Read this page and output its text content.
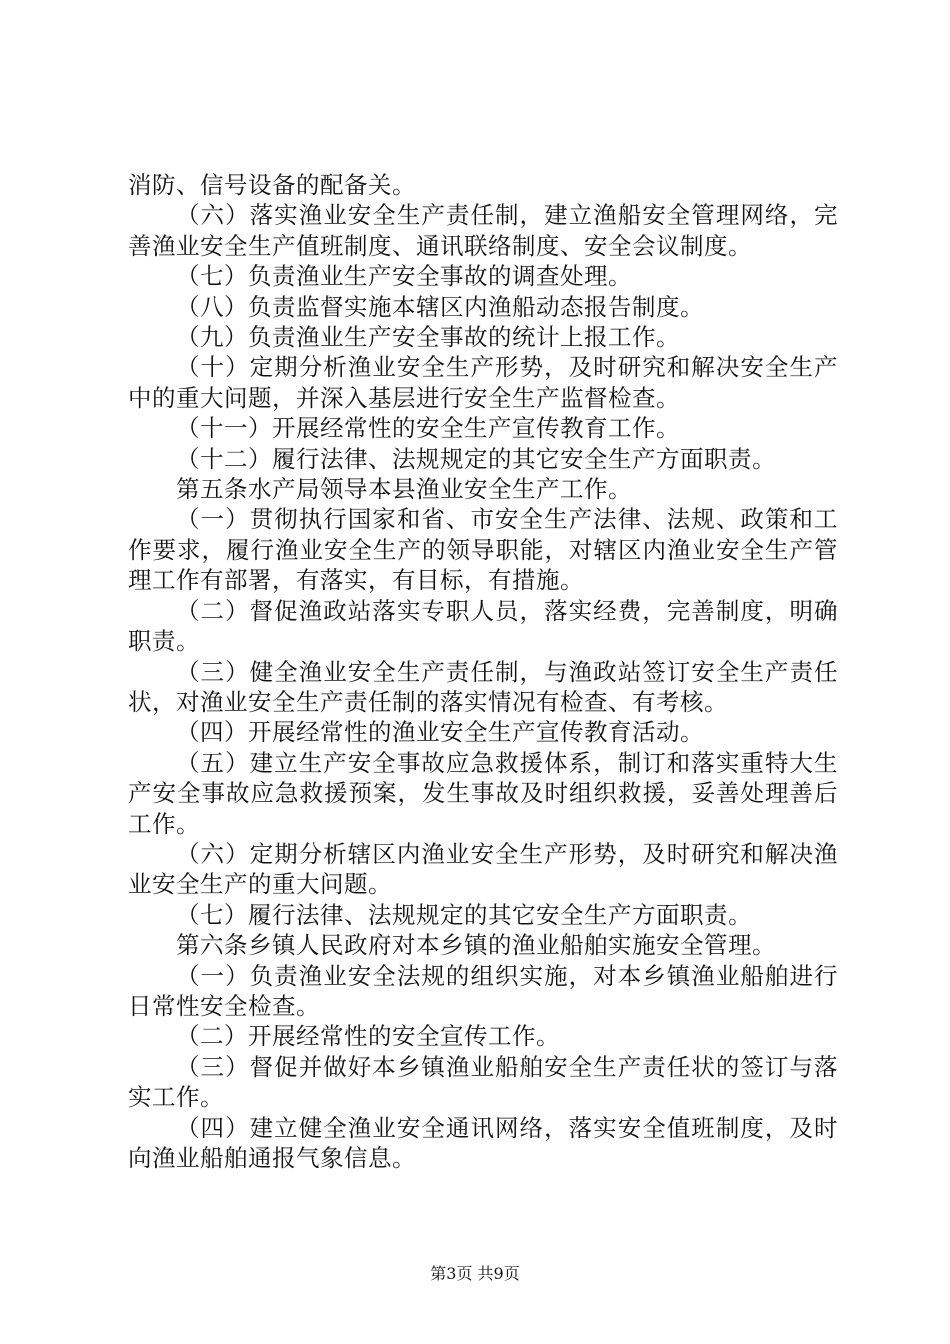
消防、信号设备的配备关。

（六）落实渔业安全生产责任制，建立渔船安全管理网络，完善渔业安全生产值班制度、通讯联络制度、安全会议制度。

（七）负责渔业生产安全事故的调查处理。

（八）负责监督实施本辖区内渔船动态报告制度。

（九）负责渔业生产安全事故的统计上报工作。

（十）定期分析渔业安全生产形势，及时研究和解决安全生产中的重大问题，并深入基层进行安全生产监督检查。

（十一）开展经常性的安全生产宣传教育工作。

（十二）履行法律、法规规定的其它安全生产方面职责。

第五条水产局领导本县渔业安全生产工作。

（一）贯彻执行国家和省、市安全生产法律、法规、政策和工作要求，履行渔业安全生产的领导职能，对辖区内渔业安全生产管理工作有部署，有落实，有目标，有措施。

（二）督促渔政站落实专职人员，落实经费，完善制度，明确职责。

（三）健全渔业安全生产责任制，与渔政站签订安全生产责任状，对渔业安全生产责任制的落实情况有检查、有考核。

（四）开展经常性的渔业安全生产宣传教育活动。

（五）建立生产安全事故应急救援体系，制订和落实重特大生产安全事故应急救援预案，发生事故及时组织救援，妥善处理善后工作。

（六）定期分析辖区内渔业安全生产形势，及时研究和解决渔业安全生产的重大问题。

（七）履行法律、法规规定的其它安全生产方面职责。

第六条乡镇人民政府对本乡镇的渔业船舶实施安全管理。

（一）负责渔业安全法规的组织实施，对本乡镇渔业船舶进行日常性安全检查。

（二）开展经常性的安全宣传工作。

（三）督促并做好本乡镇渔业船舶安全生产责任状的签订与落实工作。

（四）建立健全渔业安全通讯网络，落实安全值班制度，及时向渔业船舶通报气象信息。

第3页 共9页
